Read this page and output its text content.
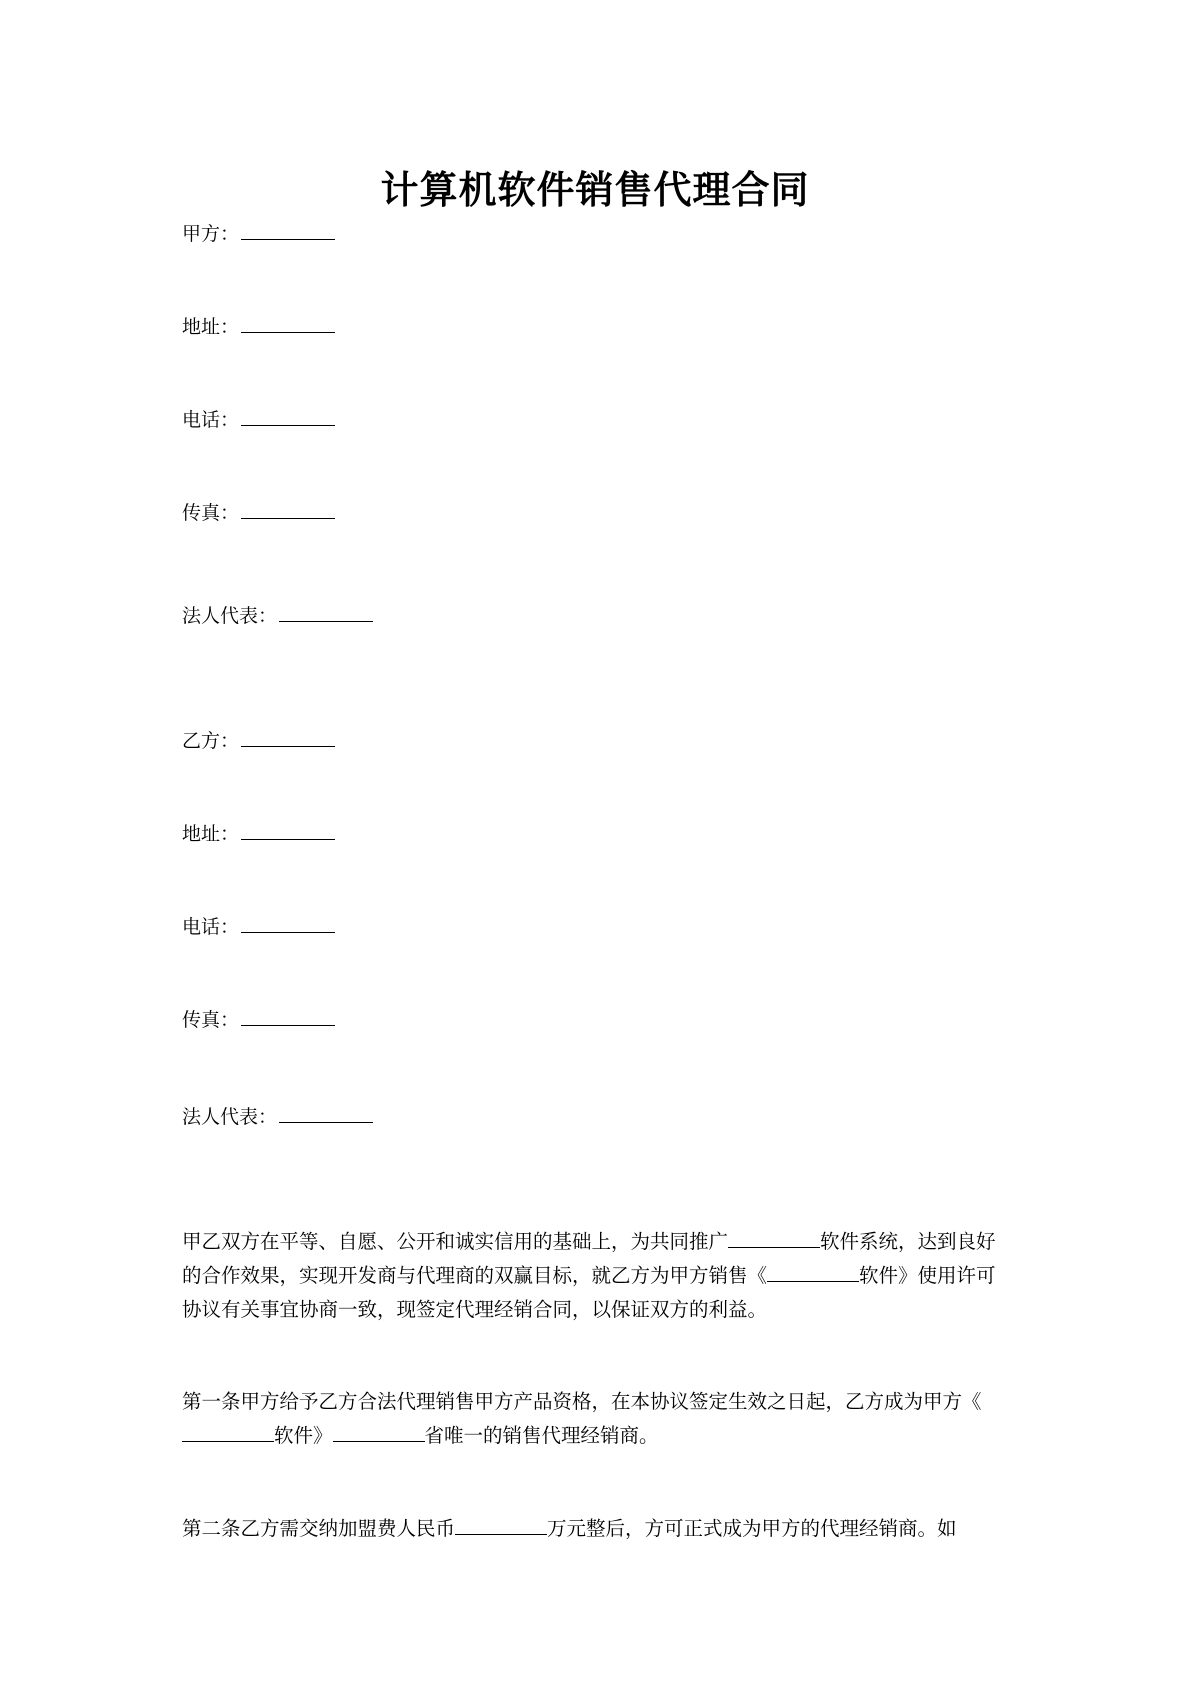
计算机软件销售代理合同
甲方：
地址：
电话：
传真：
法人代表：
乙方：
地址：
电话：
传真：
法人代表：
甲乙双方在平等、自愿、公开和诚实信用的基础上，为共同推广	软件系统，达到良好的合作效果，实现开发商与代理商的双赢目标，就乙方为甲方销售《	软件》使用许可协议有关事宜协商一致，现签定代理经销合同，以保证双方的利益。
第一条甲方给予乙方合法代理销售甲方产品资格，在本协议签定生效之日起，乙方成为甲方《软件》	省唯一的销售代理经销商。
第二条乙方需交纳加盟费人民币	万元整后，方可正式成为甲方的代理经销商。如
